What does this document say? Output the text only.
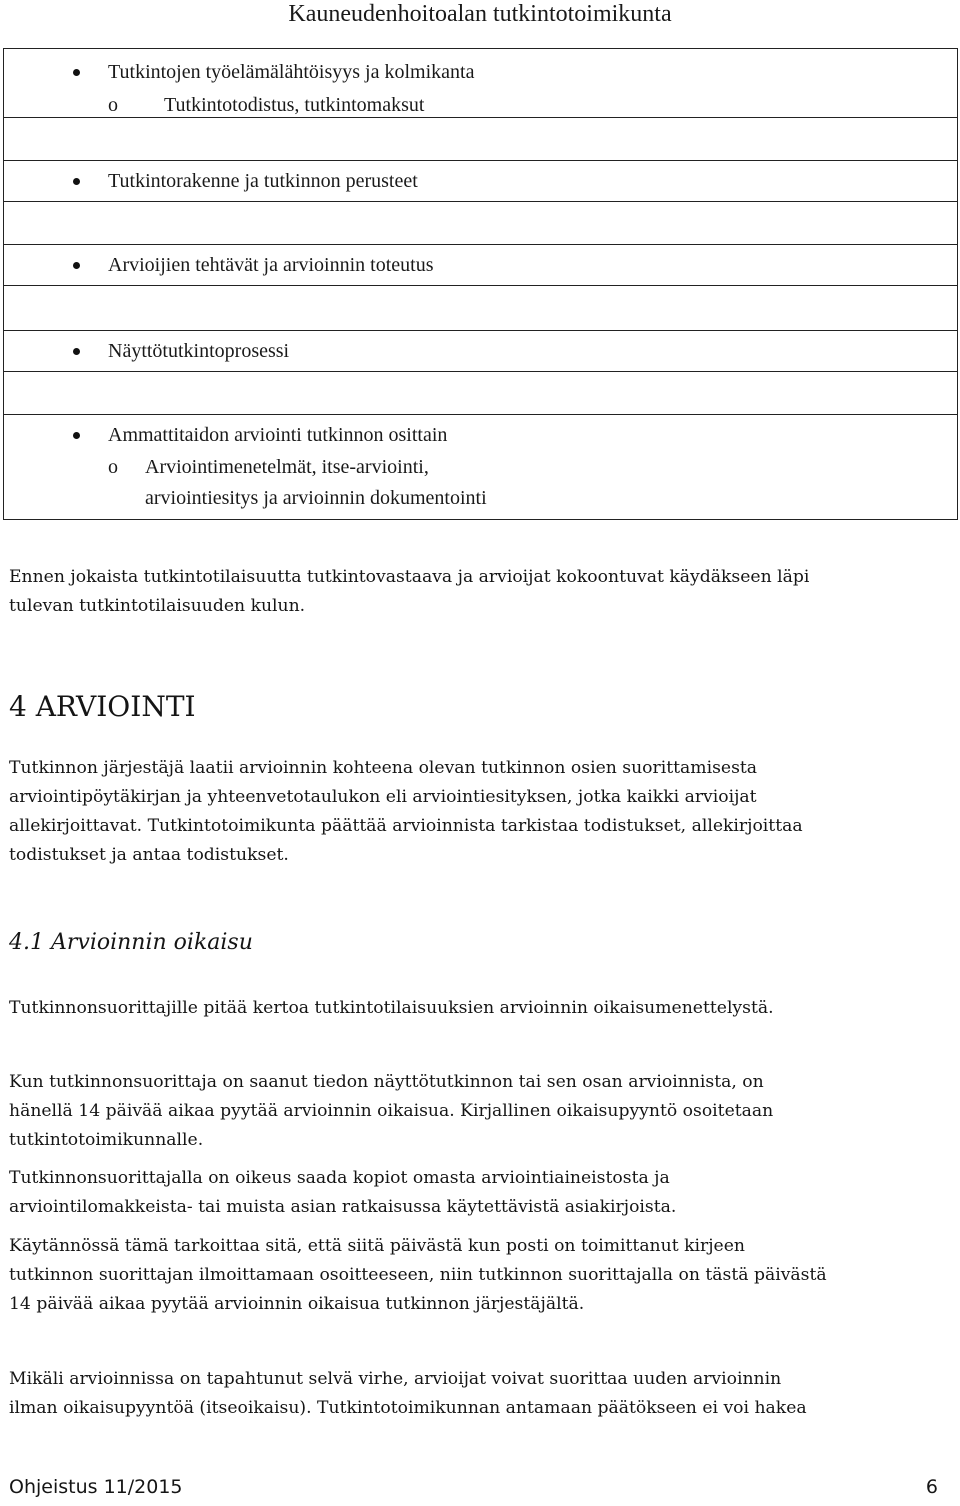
Kauneudenhoitoalan tutkintotoimikunta
Tutkintojen työelämälähtöisyys ja kolmikanta
o Tutkintotodistus, tutkintomaksut

Tutkintorakenne ja tutkinnon perusteet

Arvioijien tehtävät ja arvioinnin toteutus

Näyttötutkintoprosessi

Ammattitaidon arviointi tutkinnon osittain
o Arviointimenetelmät, itse-arviointi,
arviointiesitys ja arvioinnin dokumentointi

Ennen jokaista tutkintotilaisuutta tutkintovastaava ja arvioijat kokoontuvat käydäkseen läpi
tulevan tutkintotilaisuuden kulun.

4 ARVIOINTI

Tutkinnon järjestäjä laatii arvioinnin kohteena olevan tutkinnon osien suorittamisesta
arviointipöytäkirjan ja yhteenvetotaulukon eli arviointiesityksen, jotka kaikki arvioijat
allekirjoittavat. Tutkintotoimikunta päättää arvioinnista tarkistaa todistukset, allekirjoittaa
todistukset ja antaa todistukset.

4.1 Arvioinnin oikaisu

Tutkinnonsuorittajille pitää kertoa tutkintotilaisuuksien arvioinnin oikaisumenettelystä.

Kun tutkinnonsuorittaja on saanut tiedon näyttötutkinnon tai sen osan arvioinnista, on
hänellä 14 päivää aikaa pyytää arvioinnin oikaisua. Kirjallinen oikaisupyyntö osoitetaan
tutkintotoimikunnalle.

Tutkinnonsuorittajalla on oikeus saada kopiot omasta arviointiaineistosta ja
arviointilomakkeista- tai muista asian ratkaisussa käytettävistä asiakirjoista.

Käytännössä tämä tarkoittaa sitä, että siitä päivästä kun posti on toimittanut kirjeen
tutkinnon suorittajan ilmoittamaan osoitteeseen, niin tutkinnon suorittajalla on tästä päivästä
14 päivää aikaa pyytää arvioinnin oikaisua tutkinnon järjestäjältä.

Mikäli arvioinnissa on tapahtunut selvä virhe, arvioijat voivat suorittaa uuden arvioinnin
ilman oikaisupyyntöä (itseoikaisu). Tutkintotoimikunnan antamaan päätökseen ei voi hakea

Ohjeistus 11/2015	6
